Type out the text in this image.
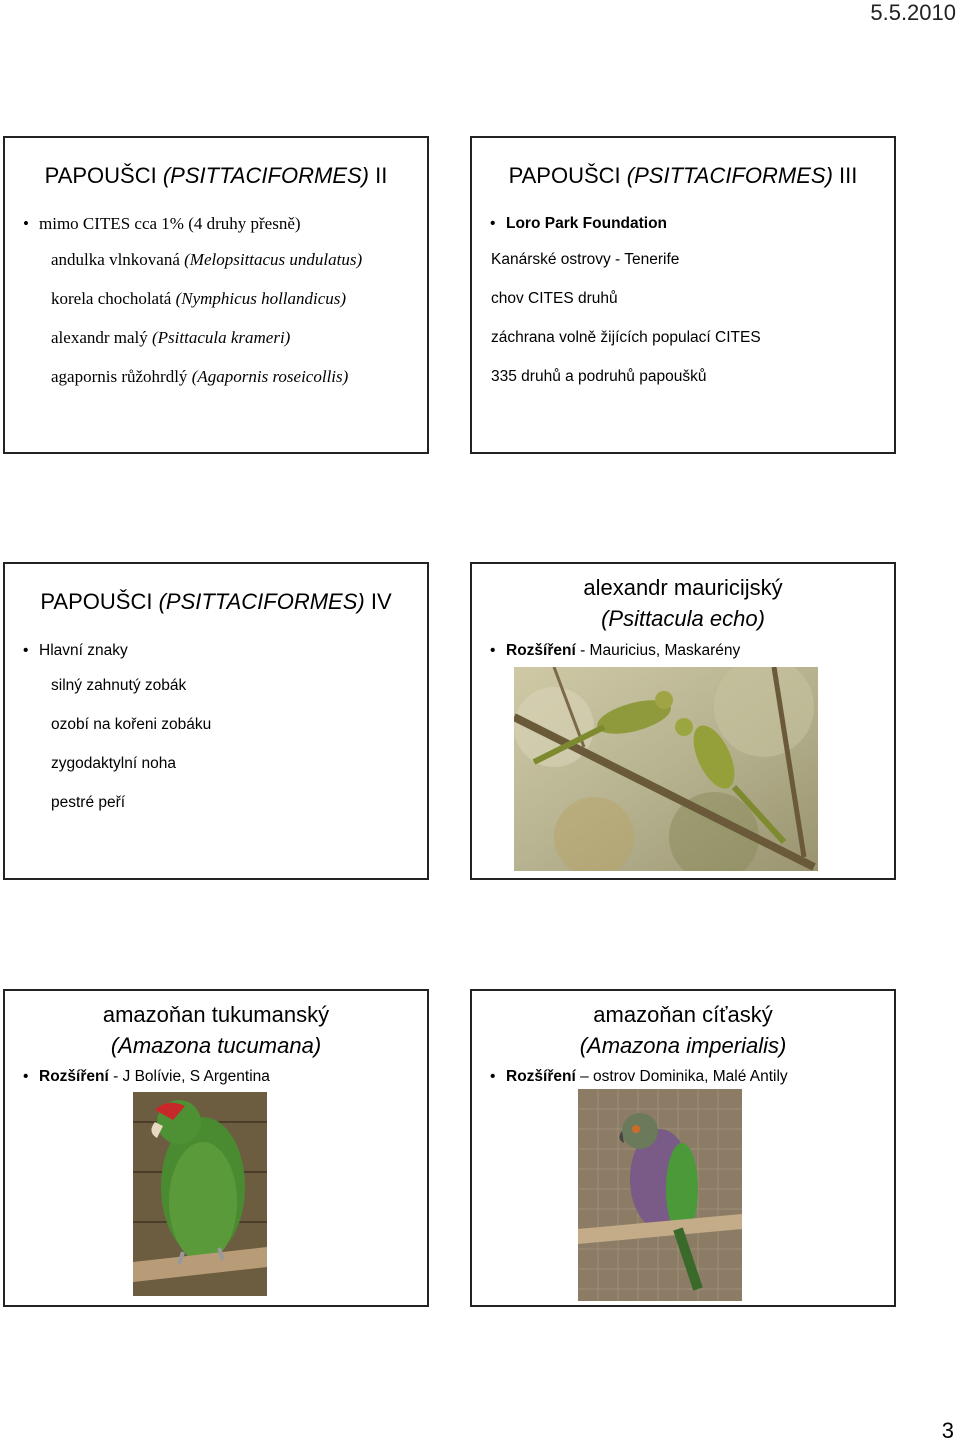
5.5.2010
PAPOUŠCI (PSITTACIFORMES) II
• mimo CITES cca 1% (4 druhy přesně)
andulka vlnkovaná (Melopsittacus undulatus)
korela chocholatá (Nymphicus hollandicus)
alexandr malý (Psittacula krameri)
agapornis růžohrdlý (Agapornis roseicollis)
PAPOUŠCI (PSITTACIFORMES) III
• Loro Park Foundation
Kanárské ostrovy - Tenerife
chov CITES druhů
záchrana volně žijících populací CITES
335 druhů a podruhů papoušků
PAPOUŠCI (PSITTACIFORMES) IV
• Hlavní znaky
silný zahnutý zobák
ozobí na kořeni zobáku
zygodaktylní noha
pestré peří
alexandr mauricijský
(Psittacula echo)
• Rozšíření - Mauricius, Maskarény
amazoňan tukumanský
(Amazona tucumana)
• Rozšíření - J Bolívie, S Argentina
amazoňan cíťaský
(Amazona imperialis)
• Rozšíření – ostrov Dominika, Malé Antily
3
